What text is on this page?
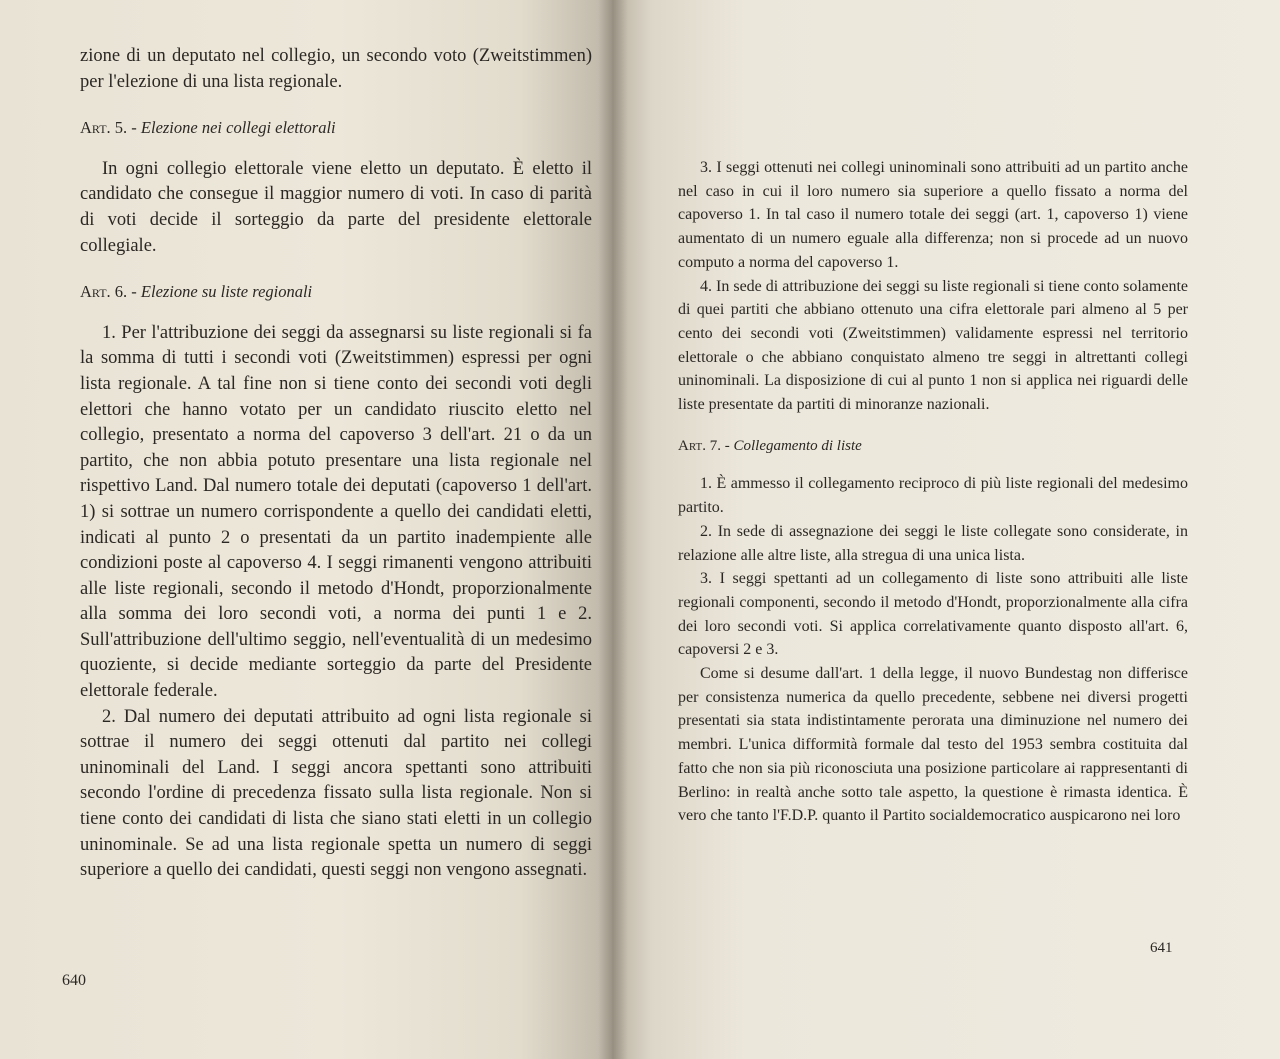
zione di un deputato nel collegio, un secondo voto (Zweitstimmen) per l'elezione di una lista regionale.

Art. 5. - Elezione nei collegi elettorali

In ogni collegio elettorale viene eletto un deputato. È eletto il candidato che consegue il maggior numero di voti. In caso di parità di voti decide il sorteggio da parte del presidente elettorale collegiale.

Art. 6. - Elezione su liste regionali

1. Per l'attribuzione dei seggi da assegnarsi su liste regionali si fa la somma di tutti i secondi voti (Zweitstimmen) espressi per ogni lista regionale. A tal fine non si tiene conto dei secondi voti degli elettori che hanno votato per un candidato riuscito eletto nel collegio, presentato a norma del capoverso 3 dell'art. 21 o da un partito, che non abbia potuto presentare una lista regionale nel rispettivo Land. Dal numero totale dei deputati (capoverso 1 dell'art. 1) si sottrae un numero corrispondente a quello dei candidati eletti, indicati al punto 2 o presentati da un partito inadempiente alle condizioni poste al capoverso 4. I seggi rimanenti vengono attribuiti alle liste regionali, secondo il metodo d'Hondt, proporzionalmente alla somma dei loro secondi voti, a norma dei punti 1 e 2. Sull'attribuzione dell'ultimo seggio, nell'eventualità di un medesimo quoziente, si decide mediante sorteggio da parte del Presidente elettorale federale.

2. Dal numero dei deputati attribuito ad ogni lista regionale si sottrae il numero dei seggi ottenuti dal partito nei collegi uninominali del Land. I seggi ancora spettanti sono attribuiti secondo l'ordine di precedenza fissato sulla lista regionale. Non si tiene conto dei candidati di lista che siano stati eletti in un collegio uninominale. Se ad una lista regionale spetta un numero di seggi superiore a quello dei candidati, questi seggi non vengono assegnati.

3. I seggi ottenuti nei collegi uninominali sono attribuiti ad un partito anche nel caso in cui il loro numero sia superiore a quello fissato a norma del capoverso 1. In tal caso il numero totale dei seggi (art. 1, capoverso 1) viene aumentato di un numero eguale alla differenza; non si procede ad un nuovo computo a norma del capoverso 1.

4. In sede di attribuzione dei seggi su liste regionali si tiene conto solamente di quei partiti che abbiano ottenuto una cifra elettorale pari almeno al 5 per cento dei secondi voti (Zweitstimmen) validamente espressi nel territorio elettorale o che abbiano conquistato almeno tre seggi in altrettanti collegi uninominali. La disposizione di cui al punto 1 non si applica nei riguardi delle liste presentate da partiti di minoranze nazionali.

Art. 7. - Collegamento di liste

1. È ammesso il collegamento reciproco di più liste regionali del medesimo partito.

2. In sede di assegnazione dei seggi le liste collegate sono considerate, in relazione alle altre liste, alla stregua di una unica lista.

3. I seggi spettanti ad un collegamento di liste sono attribuiti alle liste regionali componenti, secondo il metodo d'Hondt, proporzionalmente alla cifra dei loro secondi voti. Si applica correlativamente quanto disposto all'art. 6, capoversi 2 e 3.

Come si desume dall'art. 1 della legge, il nuovo Bundestag non differisce per consistenza numerica da quello precedente, sebbene nei diversi progetti presentati sia stata indistintamente perorata una diminuzione nel numero dei membri. L'unica difformità formale dal testo del 1953 sembra costituita dal fatto che non sia più riconosciuta una posizione particolare ai rappresentanti di Berlino: in realtà anche sotto tale aspetto, la questione è rimasta identica. È vero che tanto l'F.D.P. quanto il Partito socialdemocratico auspicarono nei loro

640
641
